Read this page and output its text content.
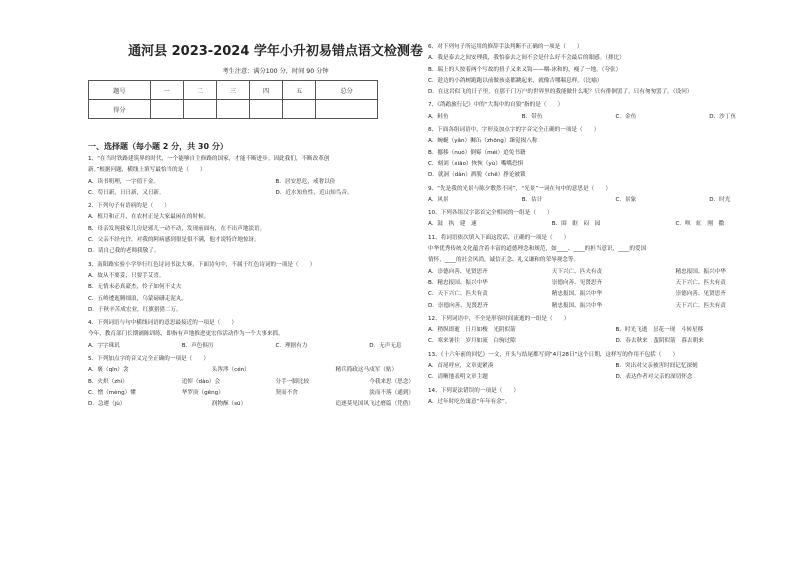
通河县 2023-2024 学年小升初易错点语文检测卷
考生注意：满分100 分，时间 90 分钟
题号	一	二	三	四	五	总分
得分						
一、选择题（每小题 2 分，共 30 分）
1、“在当时铁路建筑界的时代，一个能够自主修路的国家，才能不断进步。因此我们，不断改革创
新。”根据问题，横线上填写最恰当的是（　　）
A．读书明理，一字值千金。	B．居安思危，戒奢以俭
C．苟日新，日日新，又日新。	D．近水知鱼性，近山知鸟音。
2、下列句子有语病的是（　　）
A．植月和正月，在农村正是大家最闲在的时候。
B．母亲发现我家儿房是邪儿一动不动，发现前面有，在不出声地淡语。
C．父亲不经允许，对我的阿病感到很是很不满，他才说特许地惊讶。
D．请自己我的老师我敬了。
3、南阳路实验小学举行红色诗词书法大赛，下面诗句中，不属于红色诗词的一项是（　　）
A．故从不要妥，只要手艾喜。
B．无情未必真豪杰，怜子如何不丈夫
C．五岭逶迤腾细浪，乌蒙磅礴走泥丸。
D．千秋辛苦成宏业，红旗猎猎二万。
4、下列词语与句中横线词语的意思最接近的一项是（　　）
今年，教育部门长期铺陈训练，即指有声地推进更宏伟活动作为一个大事来抓。
A．字字珠玑	B．声色俱厉	C．理据有力	D．无声无息
5、下列加点字的音义完全正确的一项是（　　）
A．褒（qīn）衾	头涔涔（cén）	精兵简政这马戍军（贴）
B．火炽（zhì）	追悼（dào）会	分手一脚比较	今我来思（思念）
C．憎（mèng）懂	华罗庚（gēng）	契而不舍	淡而不落（通到）
D．急遽（jù）	润物酥（sū）	追逐莫见国风飞过磨篇（凭借）
6、对下列句子所运用的修辞手法判断不正确的一项是（　　）
A．我是泰去之间安理我，我怕泰去之间不会是什么好不会最后的眼感。（排比）
B．瑞上的人按着两个写故的扭子又来又钩——咽-冰和的，瘦了一地。（夸张）
C．趁边的小鸽树跑跑以前做孩桌都跳起来，就像吉哪喘息样。（比喻）
D．在这岩似飞的日子里，在那千门万户的世界里的我能做什么呢？只有徘徊罢了，只有匆匆罢了。（设问）
7、《鸽鹉旅行记》中的“大海中的自狼”指的是（　　）
A．鲑鱼	B．带鱼	C．金鱼	D．沙丁鱼
8、下面各组词语中，字形及加点字的字音完全正确的一项是（　　）
A．蜿蜒（yǎn）狮缶（zhōng）臻觉揭八称
B．挪移（nuó）倒霉（méi）追免书籍
C．刻刘（xiāo）恢恢（yù）嘴嘴恐惧
D．就洞（dàn）洒脱（chě）挣论被锁
9、“先是我的光景与陈夕敷然不同”，“光景”一词在句中的意思是（　　）
A．风景	B．估计	C．景象	D．时光
10、下列各组汉字部首完全相同的一组是（　　）
A．鼓　执　建　速	B．围　眶　闷　园	C．呗　虹　刚　撒
11、将词语依次填入下面这段话，正确的一项是（　　）
中华优秀传统文化蕴含着丰富的道德理念和规范，如____、____的担当意识，____的爱国
情怀，____的社会风尚，诚信正念、礼义谦和的荣辱观念等。
A．崇德向善、见贤思齐	天下兴亡、匹夫有责	精忠报国、振兴中华
B．精忠报国、振兴中华	崇德向善、见贤思齐	天下兴亡、匹夫有责
C．天下兴亡、匹夫有责	精忠报国、振兴中华	崇德向善、见贤思齐
D．崇德向善、见贤思齐	精忠报国、振兴中华	天下兴亡、匹夫有责
12、下列词语中，不全是形容时间流逝的一组是（　　）
A．稍纵即逝　日月如梭　光阴似箭	B．时光飞逝　昙花一现　斗转星移
C．寒来暑往　岁月如流　白驹过隙	D．春去秋来　蜚阴似箭　暮去朝来
13、《十六年前的回忆》一文，开头与结尾都写到“4月28日”这个日期，这样写的作用不包括（　　）
A．首尾呼应，文章更紧凑	B．突出对父亲被害时间记忆深刻
C．清晰地表明文章主题	D．表达作者对父亲的深切怀念
14、下列说法错误的一项是（　　）
A．过年时吃鱼寓意“年年有余”。
